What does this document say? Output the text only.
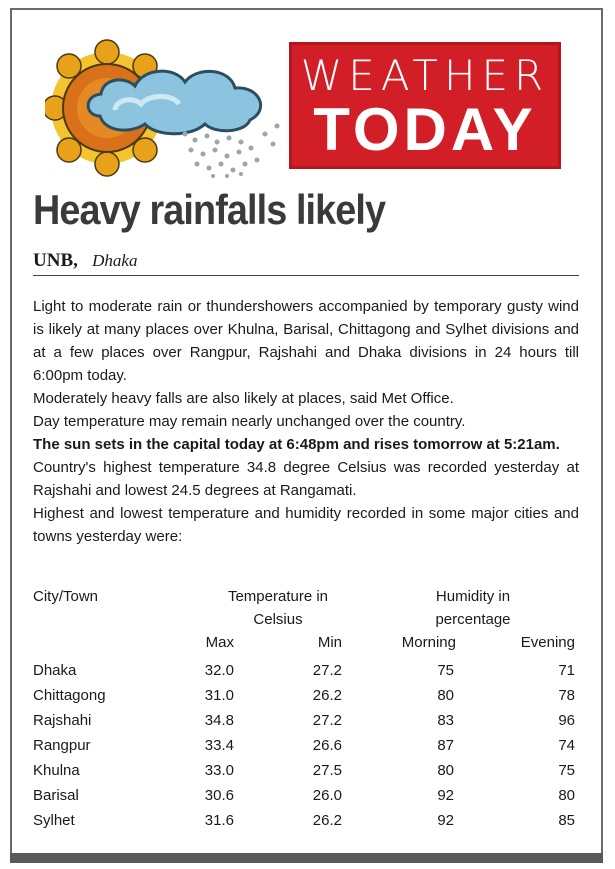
WEATHER
TODAY
Heavy rainfalls likely
UNB, Dhaka

Light to moderate rain or thundershowers accompanied by temporary gusty wind is likely at many places over Khulna, Barisal, Chittagong and Sylhet divisions and at a few places over Rangpur, Rajshahi and Dhaka divisions in 24 hours till 6:00pm today.

Moderately heavy falls are also likely at places, said Met Office.

Day temperature may remain nearly unchanged over the country.

The sun sets in the capital today at 6:48pm and rises tomorrow at 5:21am.

Country's highest temperature 34.8 degree Celsius was recorded yesterday at Rajshahi and lowest 24.5 degrees at Rangamati.

Highest and lowest temperature and humidity recorded in some major cities and towns yesterday were:

City/Town	Temperature in	Humidity in
Celsius	percentage
Max	Min	Morning	Evening
Dhaka	32.0	27.2	75	71
Chittagong	31.0	26.2	80	78
Rajshahi	34.8	27.2	83	96
Rangpur	33.4	26.6	87	74
Khulna	33.0	27.5	80	75
Barisal	30.6	26.0	92	80
Sylhet	31.6	26.2	92	85
